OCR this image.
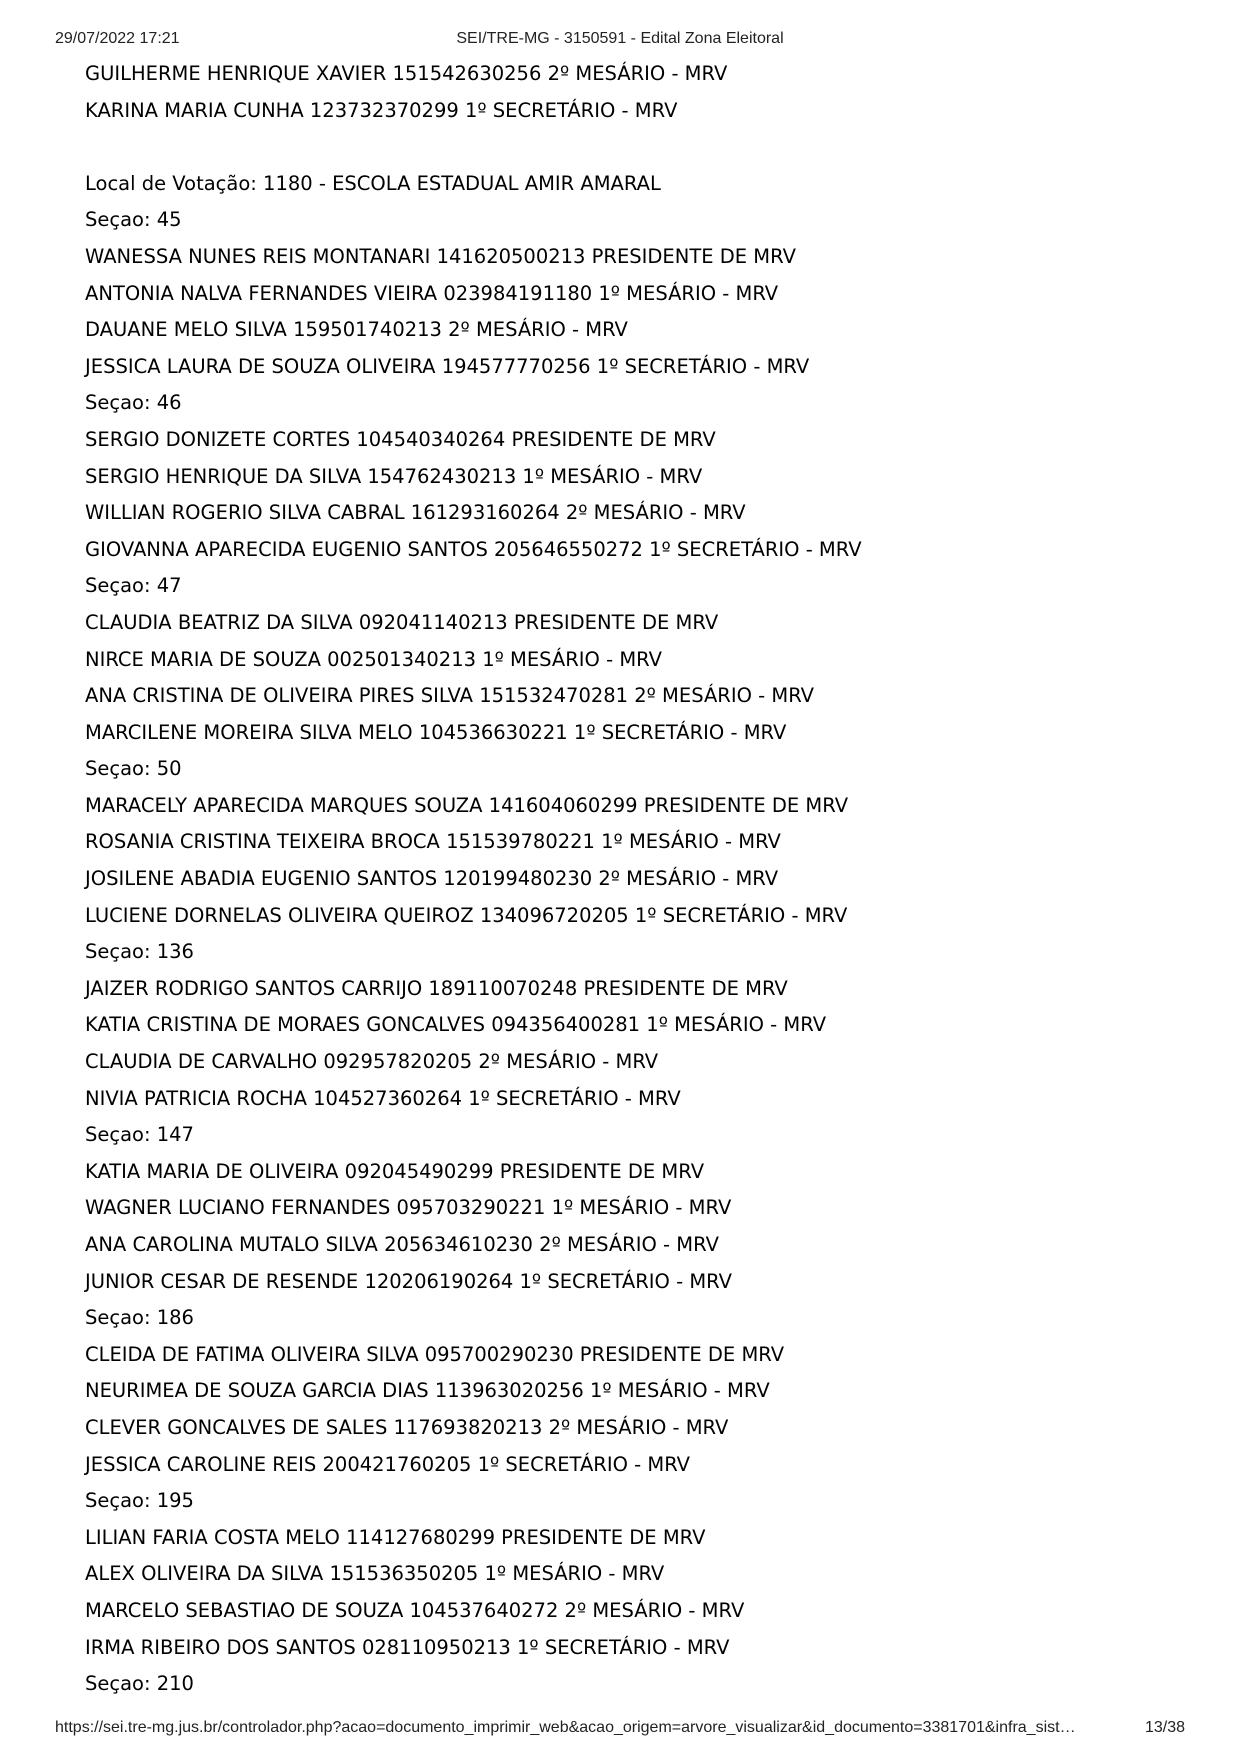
29/07/2022 17:21	SEI/TRE-MG - 3150591 - Edital Zona Eleitoral
GUILHERME HENRIQUE XAVIER 151542630256 2º MESÁRIO - MRV
KARINA MARIA CUNHA 123732370299 1º SECRETÁRIO - MRV
Local de Votação: 1180 - ESCOLA ESTADUAL AMIR AMARAL
Seçao: 45
WANESSA NUNES REIS MONTANARI 141620500213 PRESIDENTE DE MRV
ANTONIA NALVA FERNANDES VIEIRA 023984191180 1º MESÁRIO - MRV
DAUANE MELO SILVA 159501740213 2º MESÁRIO - MRV
JESSICA LAURA DE SOUZA OLIVEIRA 194577770256 1º SECRETÁRIO - MRV
Seçao: 46
SERGIO DONIZETE CORTES 104540340264 PRESIDENTE DE MRV
SERGIO HENRIQUE DA SILVA 154762430213 1º MESÁRIO - MRV
WILLIAN ROGERIO SILVA CABRAL 161293160264 2º MESÁRIO - MRV
GIOVANNA APARECIDA EUGENIO SANTOS 205646550272 1º SECRETÁRIO - MRV
Seçao: 47
CLAUDIA BEATRIZ DA SILVA 092041140213 PRESIDENTE DE MRV
NIRCE MARIA DE SOUZA 002501340213 1º MESÁRIO - MRV
ANA CRISTINA DE OLIVEIRA PIRES SILVA 151532470281 2º MESÁRIO - MRV
MARCILENE MOREIRA SILVA MELO 104536630221 1º SECRETÁRIO - MRV
Seçao: 50
MARACELY APARECIDA MARQUES SOUZA 141604060299 PRESIDENTE DE MRV
ROSANIA CRISTINA TEIXEIRA BROCA 151539780221 1º MESÁRIO - MRV
JOSILENE ABADIA EUGENIO SANTOS 120199480230 2º MESÁRIO - MRV
LUCIENE DORNELAS OLIVEIRA QUEIROZ 134096720205 1º SECRETÁRIO - MRV
Seçao: 136
JAIZER RODRIGO SANTOS CARRIJO 189110070248 PRESIDENTE DE MRV
KATIA CRISTINA DE MORAES GONCALVES 094356400281 1º MESÁRIO - MRV
CLAUDIA DE CARVALHO 092957820205 2º MESÁRIO - MRV
NIVIA PATRICIA ROCHA 104527360264 1º SECRETÁRIO - MRV
Seçao: 147
KATIA MARIA DE OLIVEIRA 092045490299 PRESIDENTE DE MRV
WAGNER LUCIANO FERNANDES 095703290221 1º MESÁRIO - MRV
ANA CAROLINA MUTALO SILVA 205634610230 2º MESÁRIO - MRV
JUNIOR CESAR DE RESENDE 120206190264 1º SECRETÁRIO - MRV
Seçao: 186
CLEIDA DE FATIMA OLIVEIRA SILVA 095700290230 PRESIDENTE DE MRV
NEURIMEA DE SOUZA GARCIA DIAS 113963020256 1º MESÁRIO - MRV
CLEVER GONCALVES DE SALES 117693820213 2º MESÁRIO - MRV
JESSICA CAROLINE REIS 200421760205 1º SECRETÁRIO - MRV
Seçao: 195
LILIAN FARIA COSTA MELO 114127680299 PRESIDENTE DE MRV
ALEX OLIVEIRA DA SILVA 151536350205 1º MESÁRIO - MRV
MARCELO SEBASTIAO DE SOUZA 104537640272 2º MESÁRIO - MRV
IRMA RIBEIRO DOS SANTOS 028110950213 1º SECRETÁRIO - MRV
Seçao: 210
https://sei.tre-mg.jus.br/controlador.php?acao=documento_imprimir_web&acao_origem=arvore_visualizar&id_documento=3381701&infra_sist…	13/38
